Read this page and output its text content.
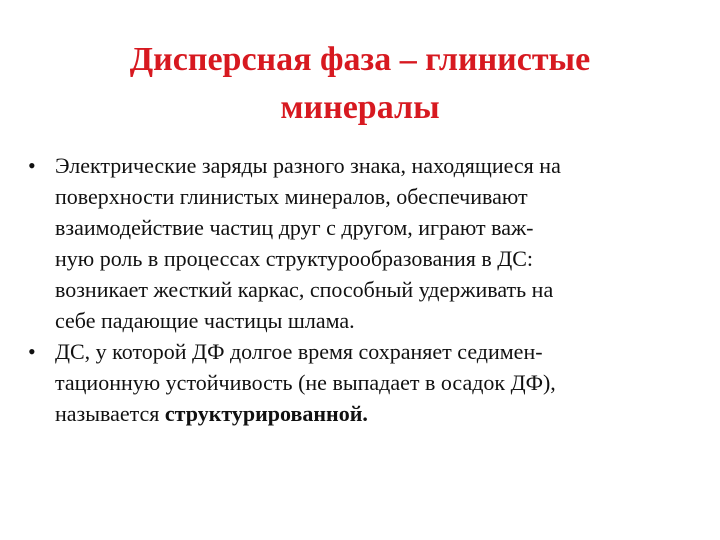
Дисперсная фаза – глинистые
минералы
• Электрические заряды разного знака, находящиеся на
поверхности глинистых минералов, обеспечивают
взаимодействие частиц друг с другом, играют важ-
ную роль в процессах структурообразования в ДС:
возникает жесткий каркас, способный удерживать на
себе падающие частицы шлама.
• ДС, у которой ДФ долгое время сохраняет седимен-
тационную устойчивость (не выпадает в осадок ДФ),
называется структурированной.
